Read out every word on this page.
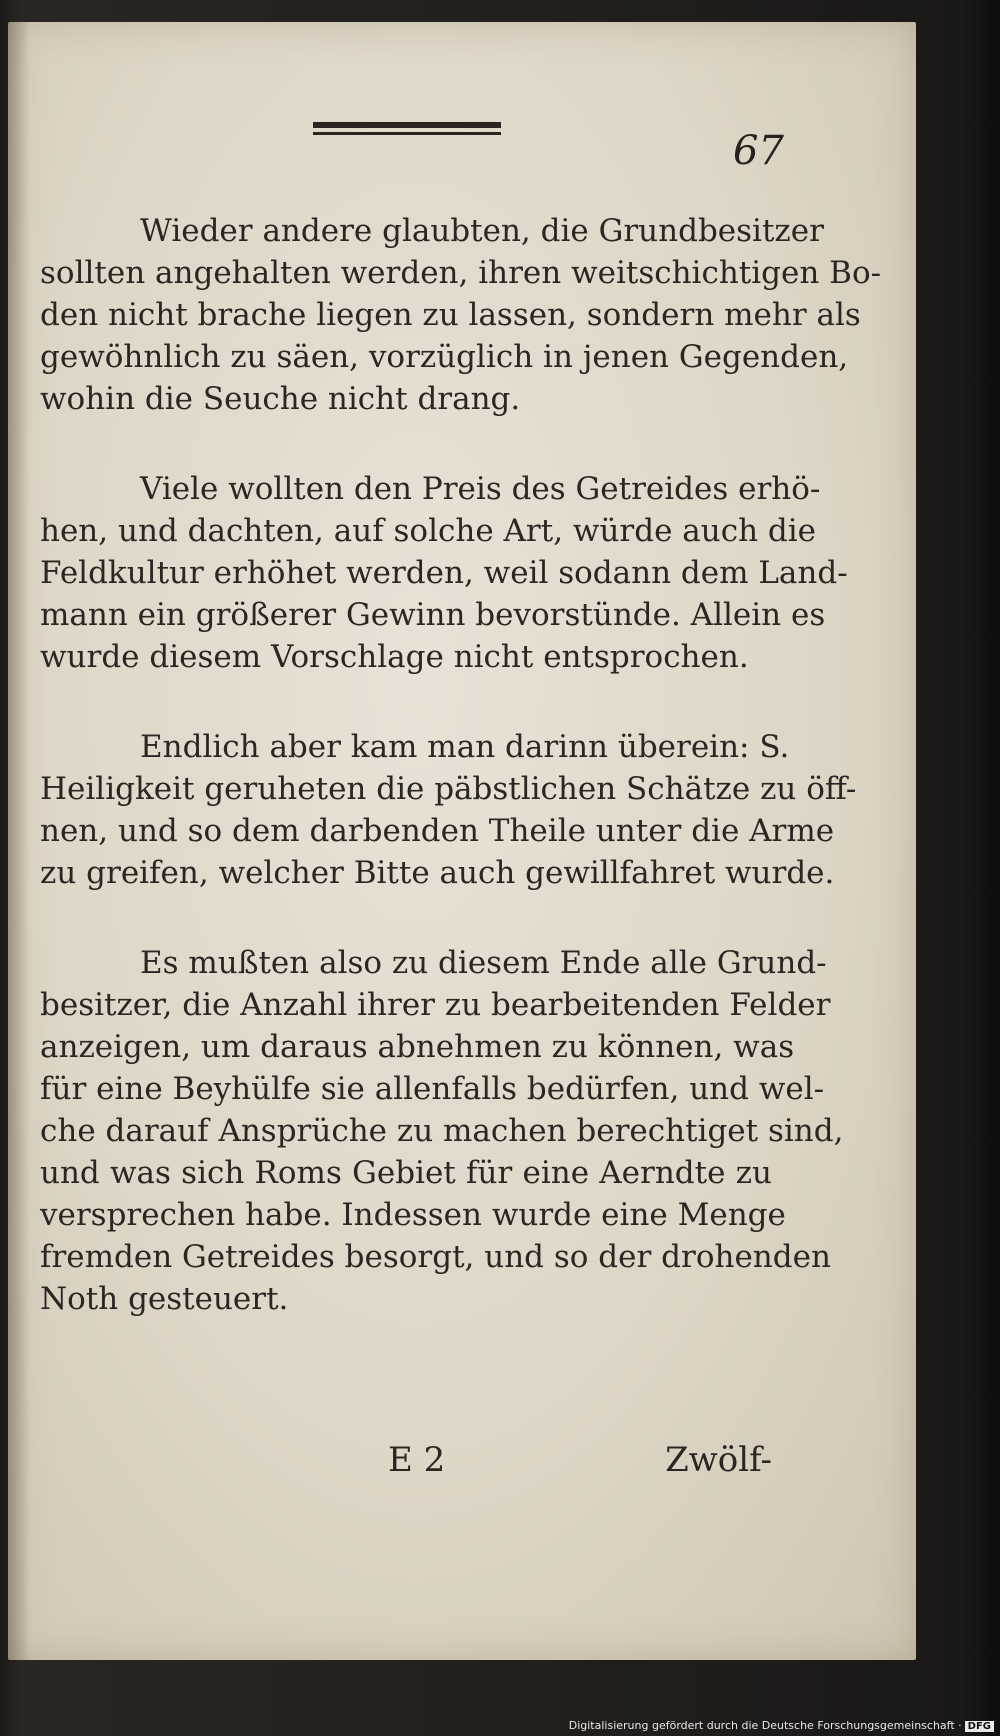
67
Wieder andere glaubten, die Grundbesitzer
sollten angehalten werden, ihren weitschichtigen Bo-
den nicht brache liegen zu lassen, sondern mehr als
gewöhnlich zu säen, vorzüglich in jenen Gegenden,
wohin die Seuche nicht drang.
Viele wollten den Preis des Getreides erhö-
hen, und dachten, auf solche Art, würde auch die
Feldkultur erhöhet werden, weil sodann dem Land-
mann ein größerer Gewinn bevorstünde. Allein es
wurde diesem Vorschlage nicht entsprochen.
Endlich aber kam man darinn überein: S.
Heiligkeit geruheten die päbstlichen Schätze zu öff-
nen, und so dem darbenden Theile unter die Arme
zu greifen, welcher Bitte auch gewillfahret wurde.
Es mußten also zu diesem Ende alle Grund-
besitzer, die Anzahl ihrer zu bearbeitenden Felder
anzeigen, um daraus abnehmen zu können, was
für eine Beyhülfe sie allenfalls bedürfen, und wel-
che darauf Ansprüche zu machen berechtiget sind,
und was sich Roms Gebiet für eine Aerndte zu
versprechen habe. Indessen wurde eine Menge
fremden Getreides besorgt, und so der drohenden
Noth gesteuert.
E 2	Zwölf-
Digitalisierung gefördert durch die Deutsche Forschungsgemeinschaft · DFG
